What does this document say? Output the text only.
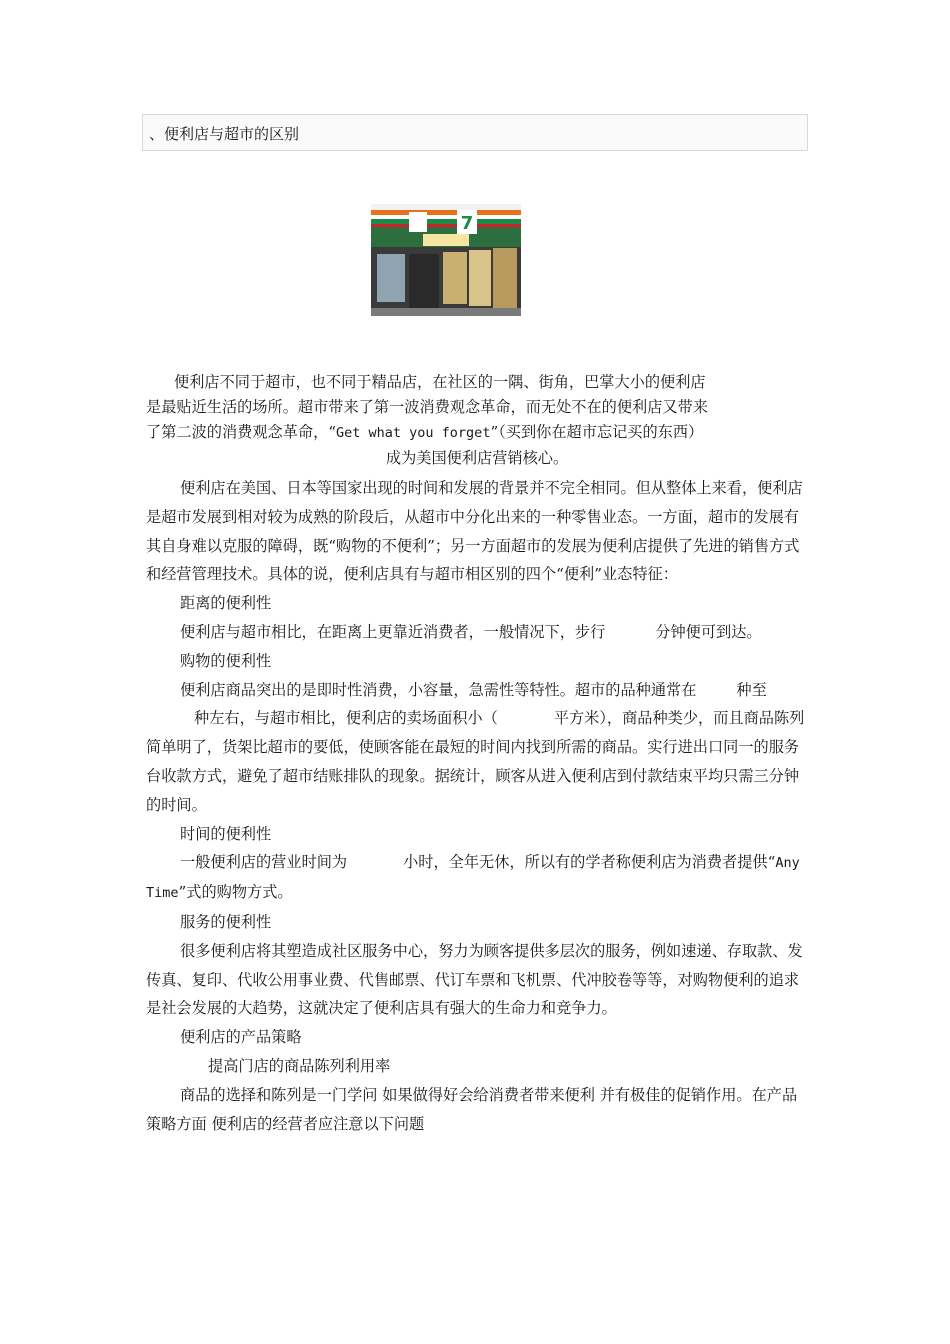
、便利店与超市的区别
7

便利店不同于超市，也不同于精品店，在社区的一隅、街角，巴掌大小的便利店
是最贴近生活的场所。超市带来了第一波消费观念革命，而无处不在的便利店又带来
了第二波的消费观念革命，“Get what you forget”（买到你在超市忘记买的东西）
成为美国便利店营销核心。

便利店在美国、日本等国家出现的时间和发展的背景并不完全相同。但从整体上来看，便利店是超市发展到相对较为成熟的阶段后，从超市中分化出来的一种零售业态。一方面，超市的发展有其自身难以克服的障碍，既“购物的不便利”；另一方面超市的发展为便利店提供了先进的销售方式和经营管理技术。具体的说，便利店具有与超市相区别的四个“便利”业态特征：

距离的便利性

便利店与超市相比，在距离上更靠近消费者，一般情况下，步行	分钟便可到达。

购物的便利性

便利店商品突出的是即时性消费，小容量，急需性等特性。超市的品种通常在	种至种左右，与超市相比，便利店的卖场面积小（	平方米），商品种类少，而且商品陈列简单明了，货架比超市的要低，使顾客能在最短的时间内找到所需的商品。实行进出口同一的服务台收款方式，避免了超市结账排队的现象。据统计，顾客从进入便利店到付款结束平均只需三分钟的时间。

时间的便利性

一般便利店的营业时间为	小时，全年无休，所以有的学者称便利店为消费者提供“Any Time”式的购物方式。

服务的便利性

很多便利店将其塑造成社区服务中心，努力为顾客提供多层次的服务，例如速递、存取款、发传真、复印、代收公用事业费、代售邮票、代订车票和飞机票、代冲胶卷等等，对购物便利的追求是社会发展的大趋势，这就决定了便利店具有强大的生命力和竞争力。

便利店的产品策略

提高门店的商品陈列利用率

商品的选择和陈列是一门学问 如果做得好会给消费者带来便利 并有极佳的促销作用。在产品策略方面 便利店的经营者应注意以下问题
